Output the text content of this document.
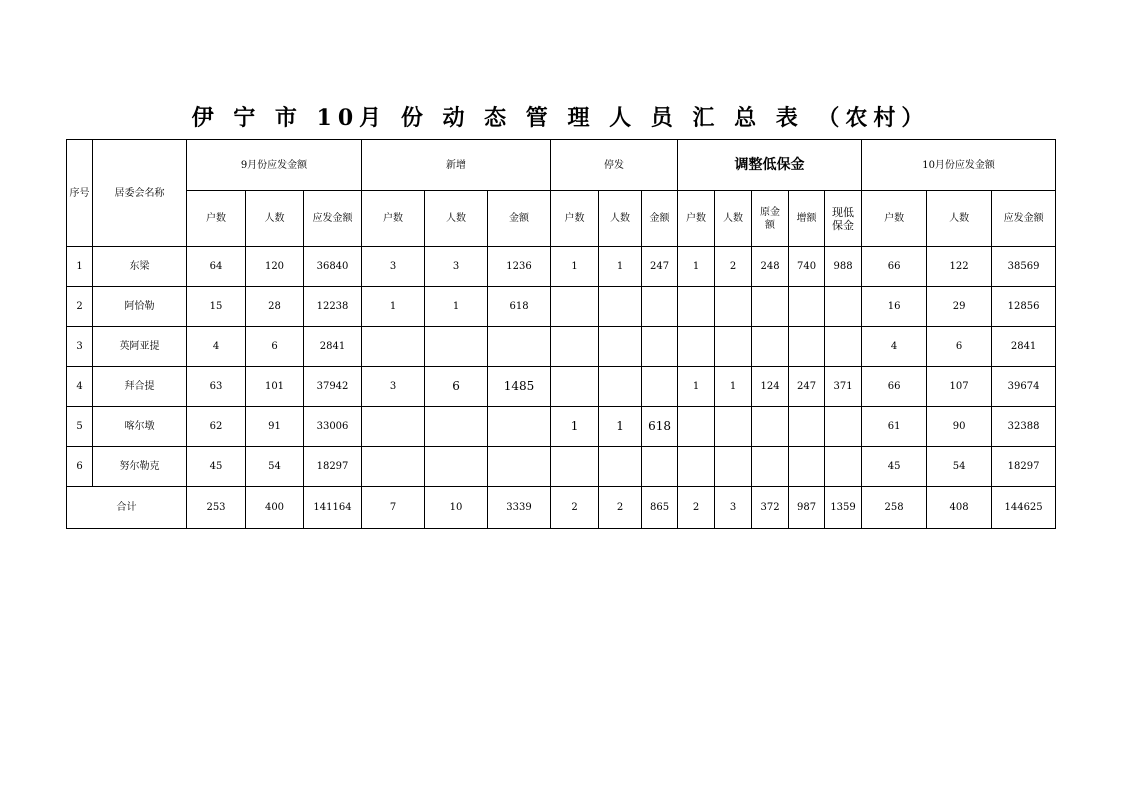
伊 宁 市 10月 份 动 态 管 理 人 员 汇 总 表 （农村）
序号	居委会名称	9月份应发金额			新增			停发			调整低保金					10月份应发金额		
		户数	人数	应发金额	户数	人数	金额	户数	人数	金额	户数	人数	原金额	增额	现低保金	户数	人数	应发金额
1	东梁	64	120	36840	3	3	1236	1	1	247	1	2	248	740	988	66	122	38569
2	阿恰勒	15	28	12238	1	1	618									16	29	12856
3	英阿亚提	4	6	2841												4	6	2841
4	拜合提	63	101	37942	3	6	1485				1	1	124	247	371	66	107	39674
5	喀尔墩	62	91	33006				1	1	618						61	90	32388
6	努尔勒克	45	54	18297												45	54	18297
合计		253	400	141164	7	10	3339	2	2	865	2	3	372	987	1359	258	408	144625
